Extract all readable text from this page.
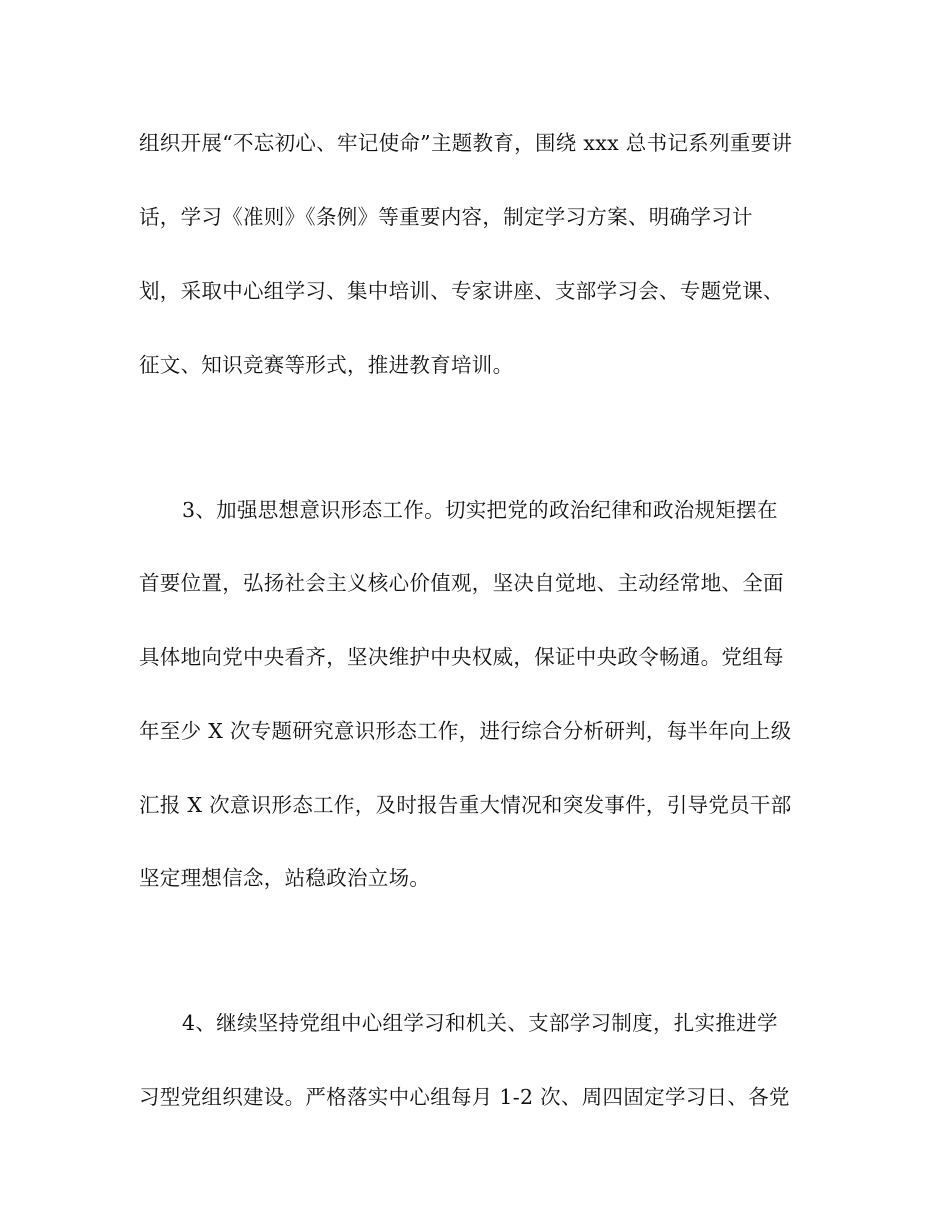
组织开展“不忘初心、牢记使命”主题教育，围绕 xxx 总书记系列重要讲
话，学习《准则》《条例》等重要内容，制定学习方案、明确学习计
划，采取中心组学习、集中培训、专家讲座、支部学习会、专题党课、
征文、知识竞赛等形式，推进教育培训。
3、加强思想意识形态工作。切实把党的政治纪律和政治规矩摆在
首要位置，弘扬社会主义核心价值观，坚决自觉地、主动经常地、全面
具体地向党中央看齐，坚决维护中央权威，保证中央政令畅通。党组每
年至少 X 次专题研究意识形态工作，进行综合分析研判，每半年向上级
汇报 X 次意识形态工作，及时报告重大情况和突发事件，引导党员干部
坚定理想信念，站稳政治立场。
4、继续坚持党组中心组学习和机关、支部学习制度，扎实推进学
习型党组织建设。严格落实中心组每月 1-2 次、周四固定学习日、各党
